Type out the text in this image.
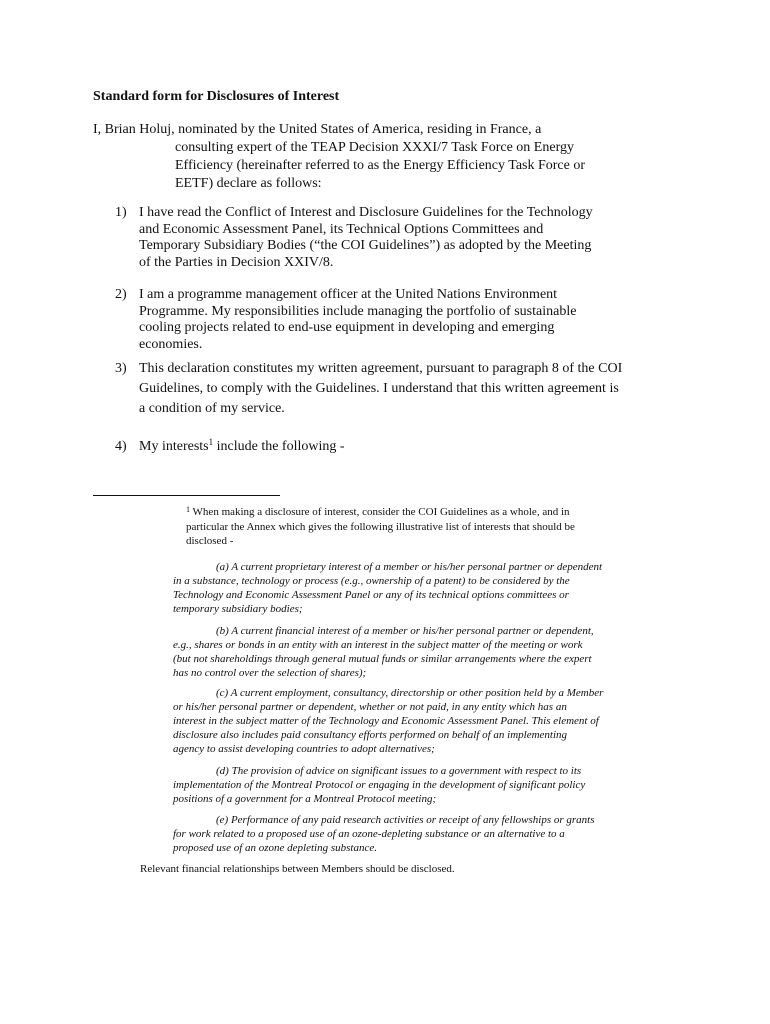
Standard form for Disclosures of Interest
I, Brian Holuj, nominated by the United States of America, residing in France, a
consulting expert of the TEAP Decision XXXI/7 Task Force on Energy
Efficiency (hereinafter referred to as the Energy Efficiency Task Force or
EETF) declare as follows:
1) I have read the Conflict of Interest and Disclosure Guidelines for the Technology
and Economic Assessment Panel, its Technical Options Committees and
Temporary Subsidiary Bodies (“the COI Guidelines”) as adopted by the Meeting
of the Parties in Decision XXIV/8.
2) I am a programme management officer at the United Nations Environment
Programme. My responsibilities include managing the portfolio of sustainable
cooling projects related to end-use equipment in developing and emerging
economies.
3) This declaration constitutes my written agreement, pursuant to paragraph 8 of the COI
Guidelines, to comply with the Guidelines. I understand that this written agreement is
a condition of my service.
4) My interests$^1$ include the following -
$^1$ When making a disclosure of interest, consider the COI Guidelines as a whole, and in
particular the Annex which gives the following illustrative list of interests that should be
disclosed -
(a) A current proprietary interest of a member or his/her personal partner or dependent
in a substance, technology or process (e.g., ownership of a patent) to be considered by the
Technology and Economic Assessment Panel or any of its technical options committees or
temporary subsidiary bodies;
(b) A current financial interest of a member or his/her personal partner or dependent,
e.g., shares or bonds in an entity with an interest in the subject matter of the meeting or work
(but not shareholdings through general mutual funds or similar arrangements where the expert
has no control over the selection of shares);
(c) A current employment, consultancy, directorship or other position held by a Member
or his/her personal partner or dependent, whether or not paid, in any entity which has an
interest in the subject matter of the Technology and Economic Assessment Panel. This element of
disclosure also includes paid consultancy efforts performed on behalf of an implementing
agency to assist developing countries to adopt alternatives;
(d) The provision of advice on significant issues to a government with respect to its
implementation of the Montreal Protocol or engaging in the development of significant policy
positions of a government for a Montreal Protocol meeting;
(e) Performance of any paid research activities or receipt of any fellowships or grants
for work related to a proposed use of an ozone-depleting substance or an alternative to a
proposed use of an ozone depleting substance.
Relevant financial relationships between Members should be disclosed.
